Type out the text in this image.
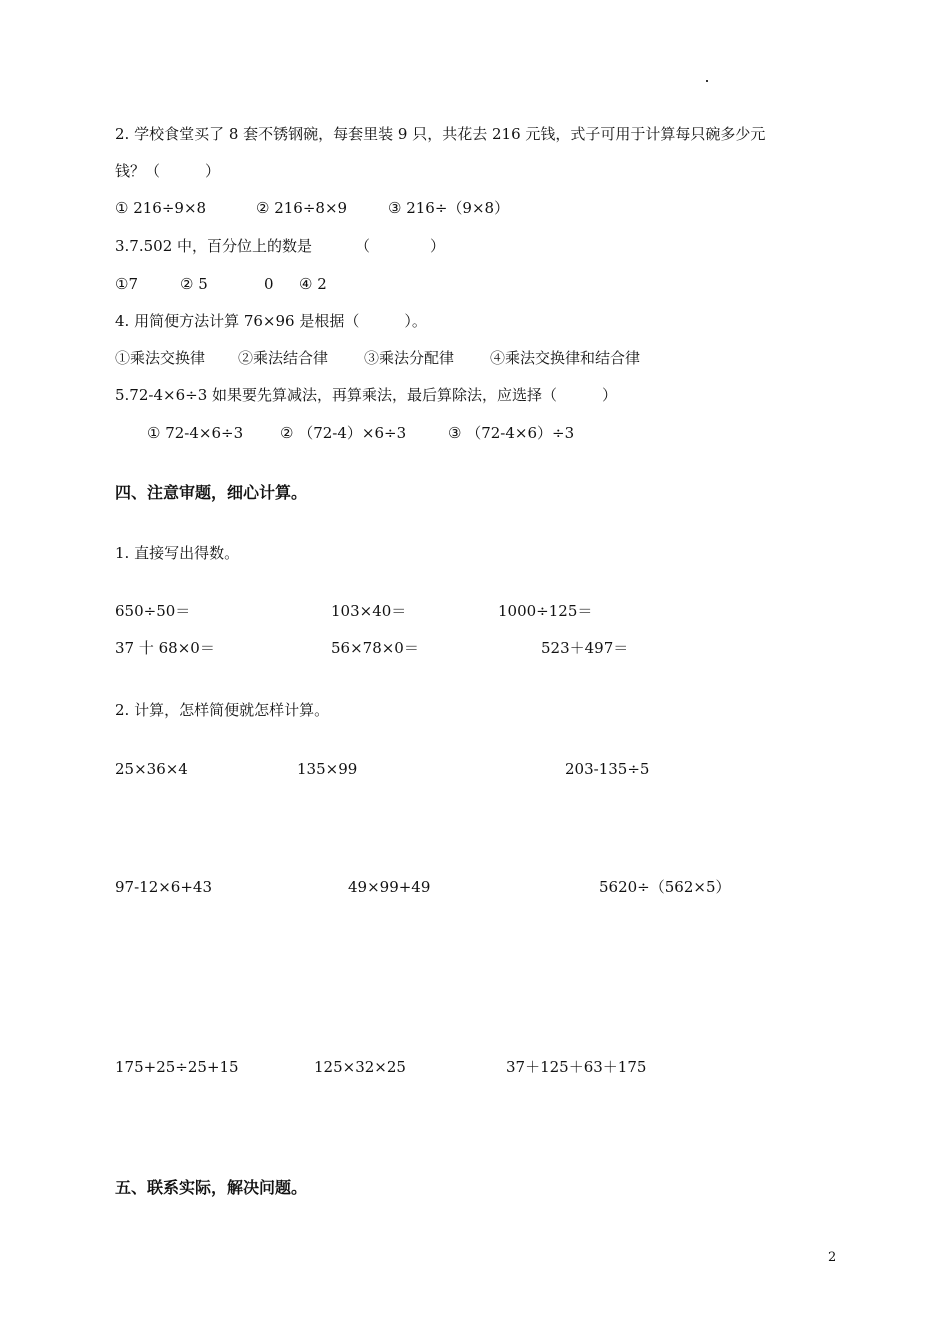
2. 学校食堂买了 8 套不锈钢碗，每套里装 9 只，共花去 216 元钱，式子可用于计算每只碗多少元
钱？（　　　）
① 216÷9×8	② 216÷8×9	③ 216÷（9×8）
3.7.502 中，百分位上的数是	（　　　　）
①7	② 5	0 ④ 2
4. 用简便方法计算 76×96 是根据（　　　）。
①乘法交换律 ②乘法结合律 ③乘法分配律 ④乘法交换律和结合律
5.72-4×6÷3 如果要先算减法，再算乘法，最后算除法，应选择（　　　）
① 72-4×6÷3 ② （72-4）×6÷3	③ （72-4×6）÷3
四、注意审题，细心计算。
1. 直接写出得数。
650÷50＝	103×40＝	1000÷125＝
37 十 68×0＝	56×78×0＝	523＋497＝
2. 计算，怎样简便就怎样计算。
25×36×4	135×99	203-135÷5
97-12×6+43	49×99+49	5620÷（562×5）
175+25÷25+15	125×32×25	37＋125＋63＋175
五、联系实际，解决问题。
2
